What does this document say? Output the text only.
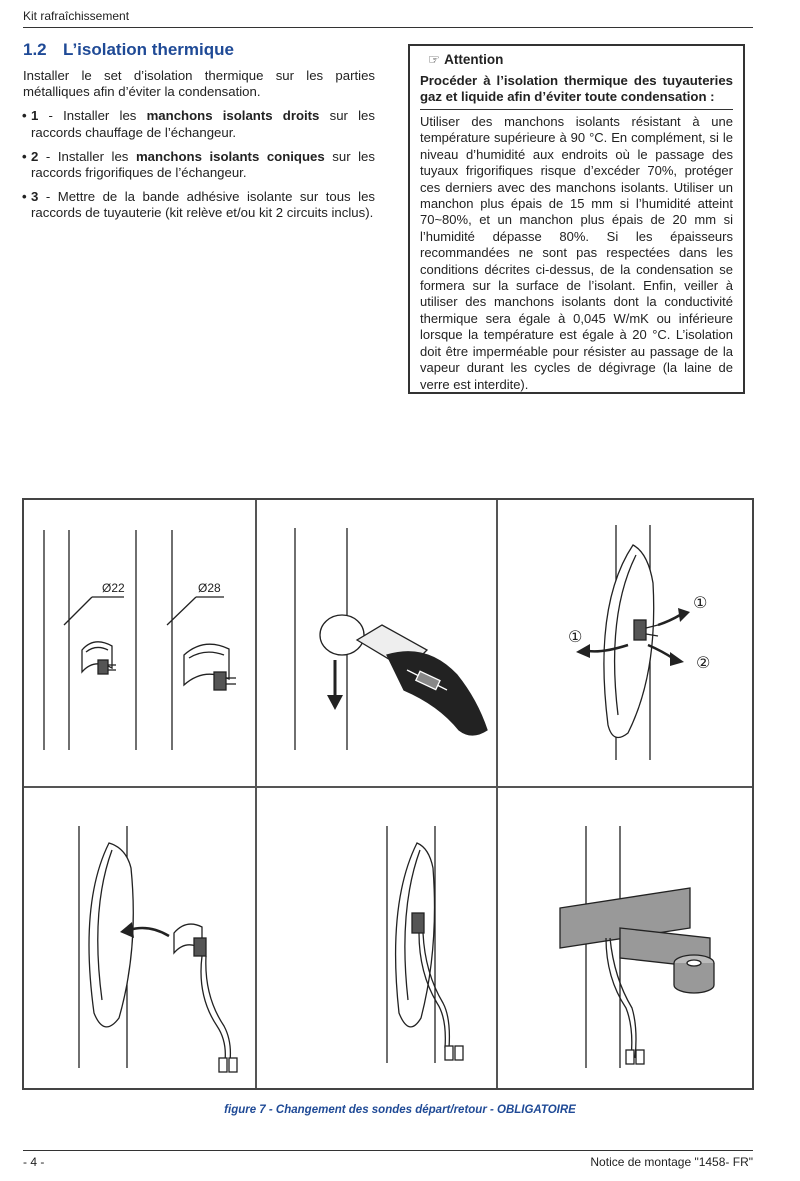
Kit rafraîchissement
1.2 L’isolation thermique

Installer le set d’isolation thermique sur les parties métalliques afin d’éviter la condensation.

• 1 - Installer les manchons isolants droits sur les raccords chauffage de l’échangeur.
• 2 - Installer les manchons isolants coniques sur les raccords frigorifiques de l’échangeur.
• 3 - Mettre de la bande adhésive isolante sur tous les raccords de tuyauterie (kit relève et/ou kit 2 circuits inclus).
☞ Attention
Procéder à l’isolation thermique des tuyauteries gaz et liquide afin d’éviter toute condensation :
Utiliser des manchons isolants résistant à une température supérieure à 90 °C. En complément, si le niveau d’humidité aux endroits où le passage des tuyaux frigorifiques risque d’excéder 70%, protéger ces derniers avec des manchons isolants. Utiliser un manchon plus épais de 15 mm si l’humidité atteint 70~80%, et un manchon plus épais de 20 mm si l’humidité dépasse 80%. Si les épaisseurs recommandées ne sont pas respectées dans les conditions décrites ci-dessus, de la condensation se formera sur la surface de l’isolant. Enfin, veiller à utiliser des manchons isolants dont la conductivité thermique sera égale à 0,045 W/mK ou inférieure lorsque la température est égale à 20 °C. L’isolation doit être imperméable pour résister au passage de la vapeur durant les cycles de dégivrage (la laine de verre est interdite).
Ø22	Ø28
①
①
②
figure 7 - Changement des sondes départ/retour - OBLIGATOIRE
- 4 -	Notice de montage "1458- FR"
